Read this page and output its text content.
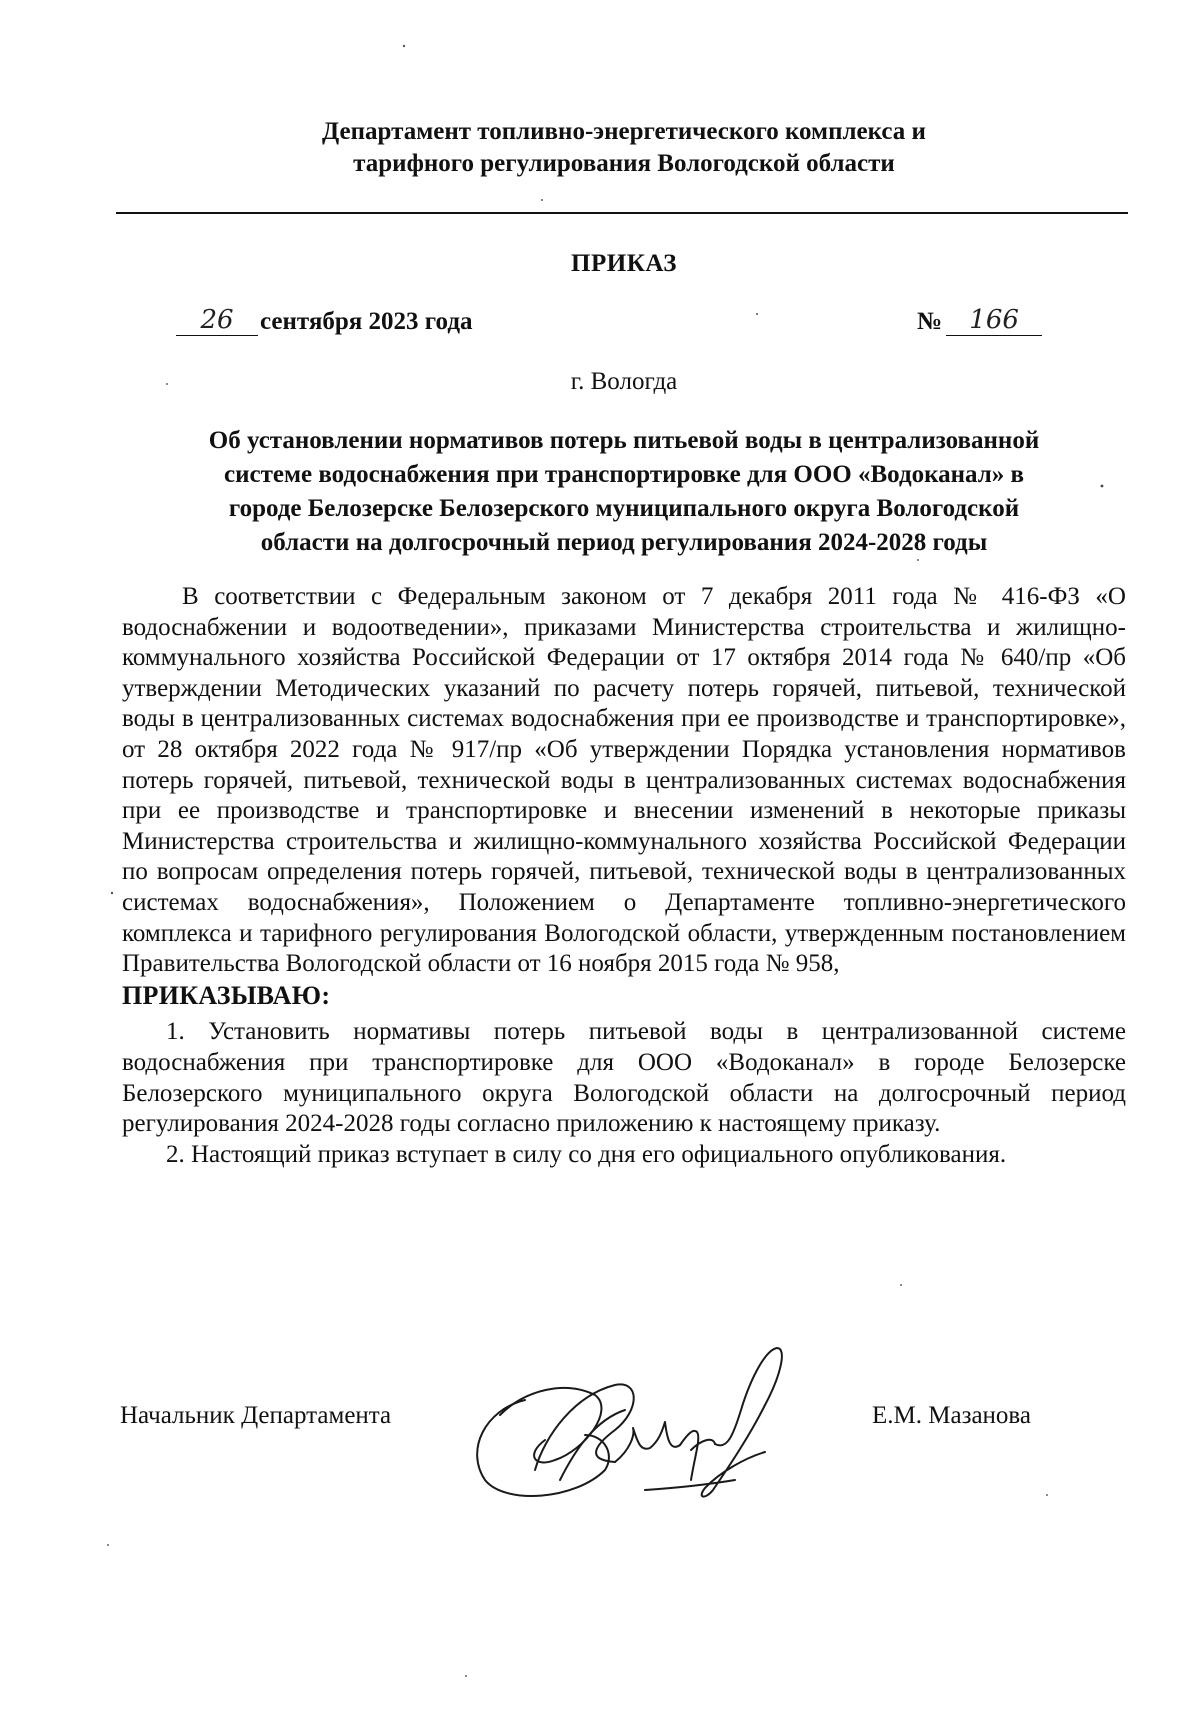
Департамент топливно-энергетического комплекса и
тарифного регулирования Вологодской области
ПРИКАЗ
26	сентября 2023 года	№	166
г. Вологда
Об установлении нормативов потерь питьевой воды в централизованной
системе водоснабжения при транспортировке для ООО «Водоканал» в
городе Белозерске Белозерского муниципального округа Вологодской
области на долгосрочный период регулирования 2024-2028 годы

В соответствии с Федеральным законом от 7 декабря 2011 года № 416-ФЗ «О водоснабжении и водоотведении», приказами Министерства строительства и жилищно-коммунального хозяйства Российской Федерации от 17 октября 2014 года № 640/пр «Об утверждении Методических указаний по расчету потерь горячей, питьевой, технической воды в централизованных системах водоснабжения при ее производстве и транспортировке», от 28 октября 2022 года № 917/пр «Об утверждении Порядка установления нормативов потерь горячей, питьевой, технической воды в централизованных системах водоснабжения при ее производстве и транспортировке и внесении изменений в некоторые приказы Министерства строительства и жилищно-коммунального хозяйства Российской Федерации по вопросам определения потерь горячей, питьевой, технической воды в централизованных системах водоснабжения», Положением о Департаменте топливно-энергетического комплекса и тарифного регулирования Вологодской области, утвержденным постановлением Правительства Вологодской области от 16 ноября 2015 года № 958,

ПРИКАЗЫВАЮ:

1. Установить нормативы потерь питьевой воды в централизованной системе водоснабжения при транспортировке для ООО «Водоканал» в городе Белозерске Белозерского муниципального округа Вологодской области на долгосрочный период регулирования 2024-2028 годы согласно приложению к настоящему приказу.

2. Настоящий приказ вступает в силу со дня его официального опубликования.

Начальник Департамента	Е.М. Мазанова
